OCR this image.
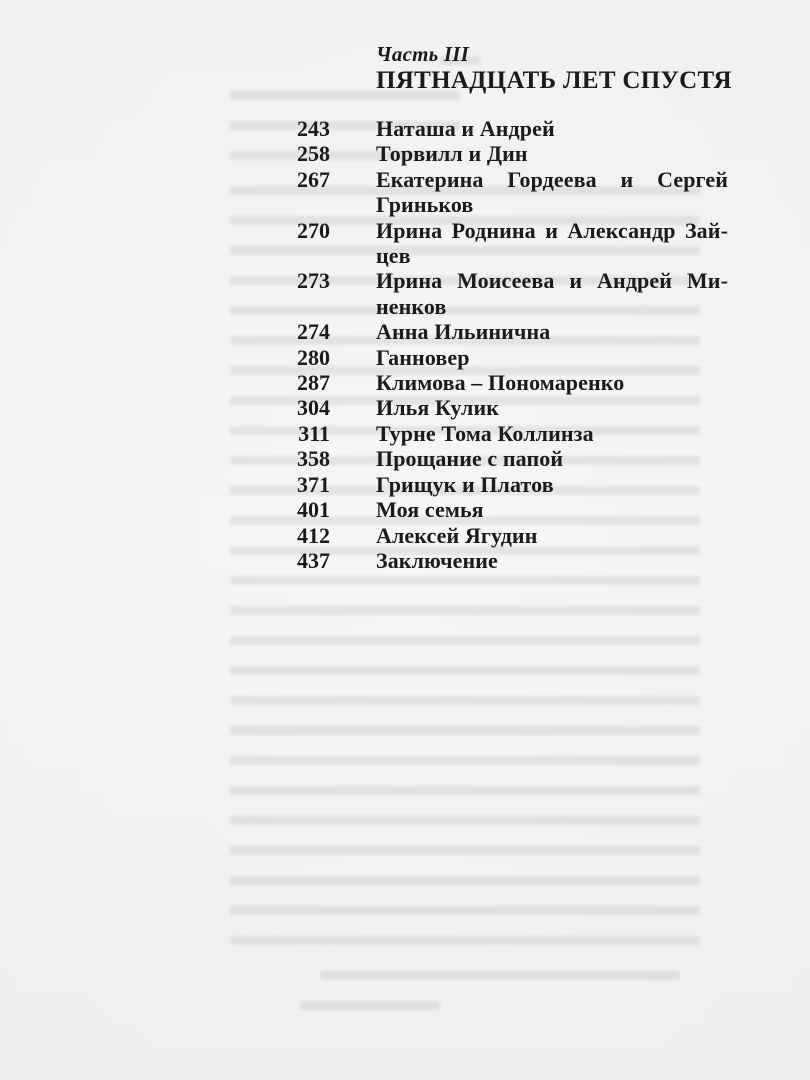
Часть III
ПЯТНАДЦАТЬ ЛЕТ СПУСТЯ
243 Наташа и Андрей
258 Торвилл и Дин
267 Екатерина Гордеева и Сергей Гриньков
270 Ирина Роднина и Александр Зай-цев
273 Ирина Моисеева и Андрей Ми-ненков
274 Анна Ильинична
280 Ганновер
287 Климова – Пономаренко
304 Илья Кулик
311 Турне Тома Коллинза
358 Прощание с папой
371 Грищук и Платов
401 Моя семья
412 Алексей Ягудин
437 Заключение
